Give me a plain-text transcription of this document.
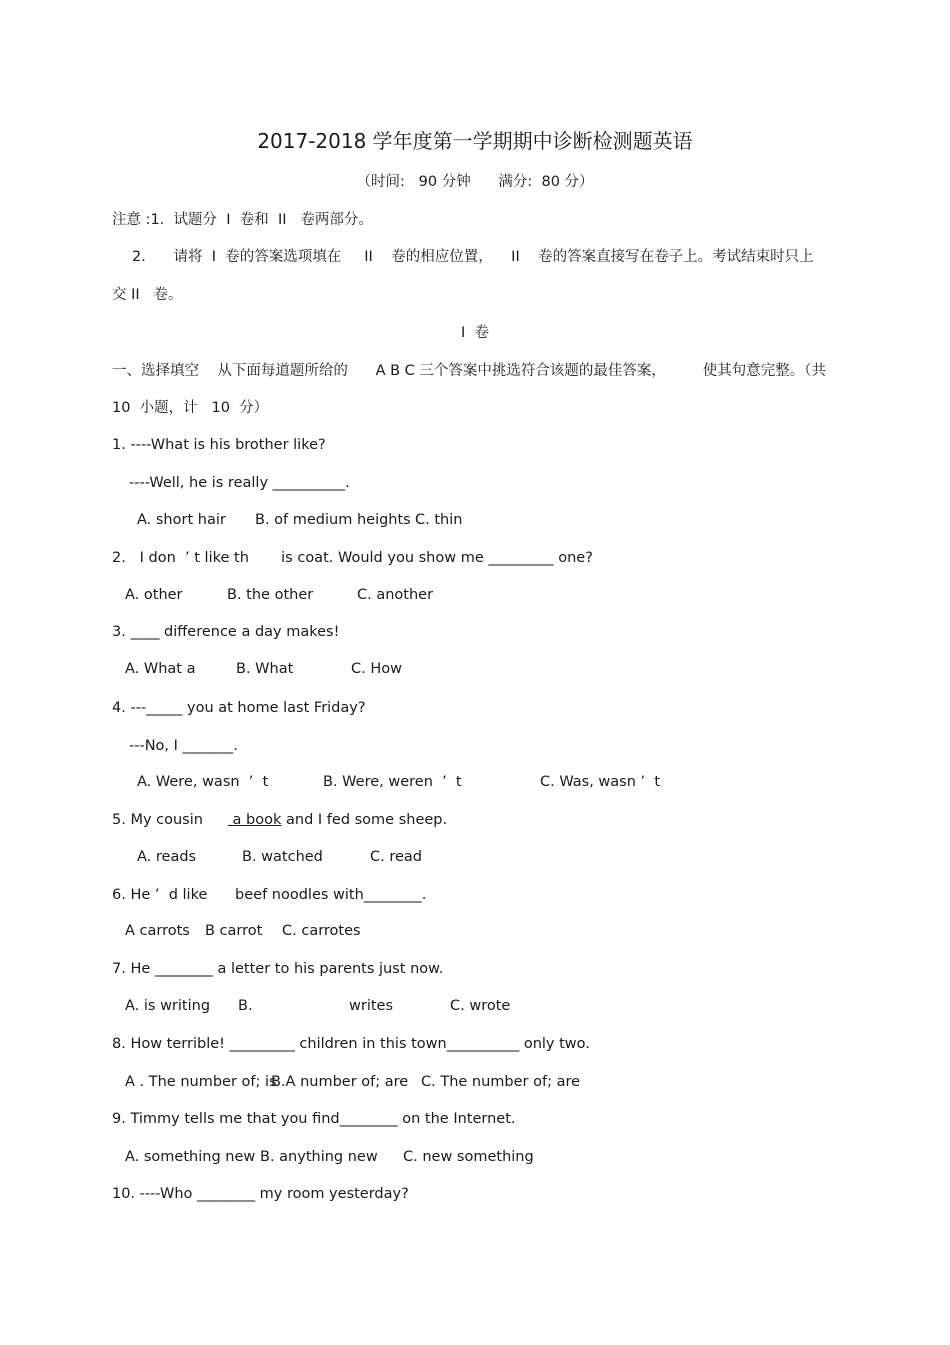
2017-2018 学年度第一学期期中诊断检测题英语
（时间:   90 分钟      满分:  80 分）
注意 :1.  试题分  I  卷和  II   卷两部分。
2.      请将  I  卷的答案选项填在     II    卷的相应位置，    II    卷的答案直接写在卷子上。考试结束时只上
交 II   卷。
I  卷
一、选择填空    从下面每道题所给的      A B C 三个答案中挑选符合该题的最佳答案，        使其句意完整。（共
10  小题，计   10  分）
1. ----What is his brother like?
----Well, he is really __________.
A. short hair B. of medium heights C. thin
2.   I don  ’ t like th       is coat. Would you show me _________ one?
A. other	B. the other	C. another
3. ____ difference a day makes!
A. What a	B. What	C. How
4. ---_____ you at home last Friday?
---No, I _______.
A. Were, wasn  ’  t	B. Were, weren  ’  t	C. Was, wasn ’  t
5. My cousin a book and I fed some sheep.
A. reads	B. watched	C. read
6. He ’  d like      beef noodles with________.
A carrots B carrot C. carrotes
7. He ________ a letter to his parents just now.
A. is writing B.	writes	C. wrote
8. How terrible! _________ children in this town__________ only two.
A . The number of; is
B.A number of; are C. The number of; are
9. Timmy tells me that you find________ on the Internet.
A. something new B. anything new C. new something
10. ----Who ________ my room yesterday?
